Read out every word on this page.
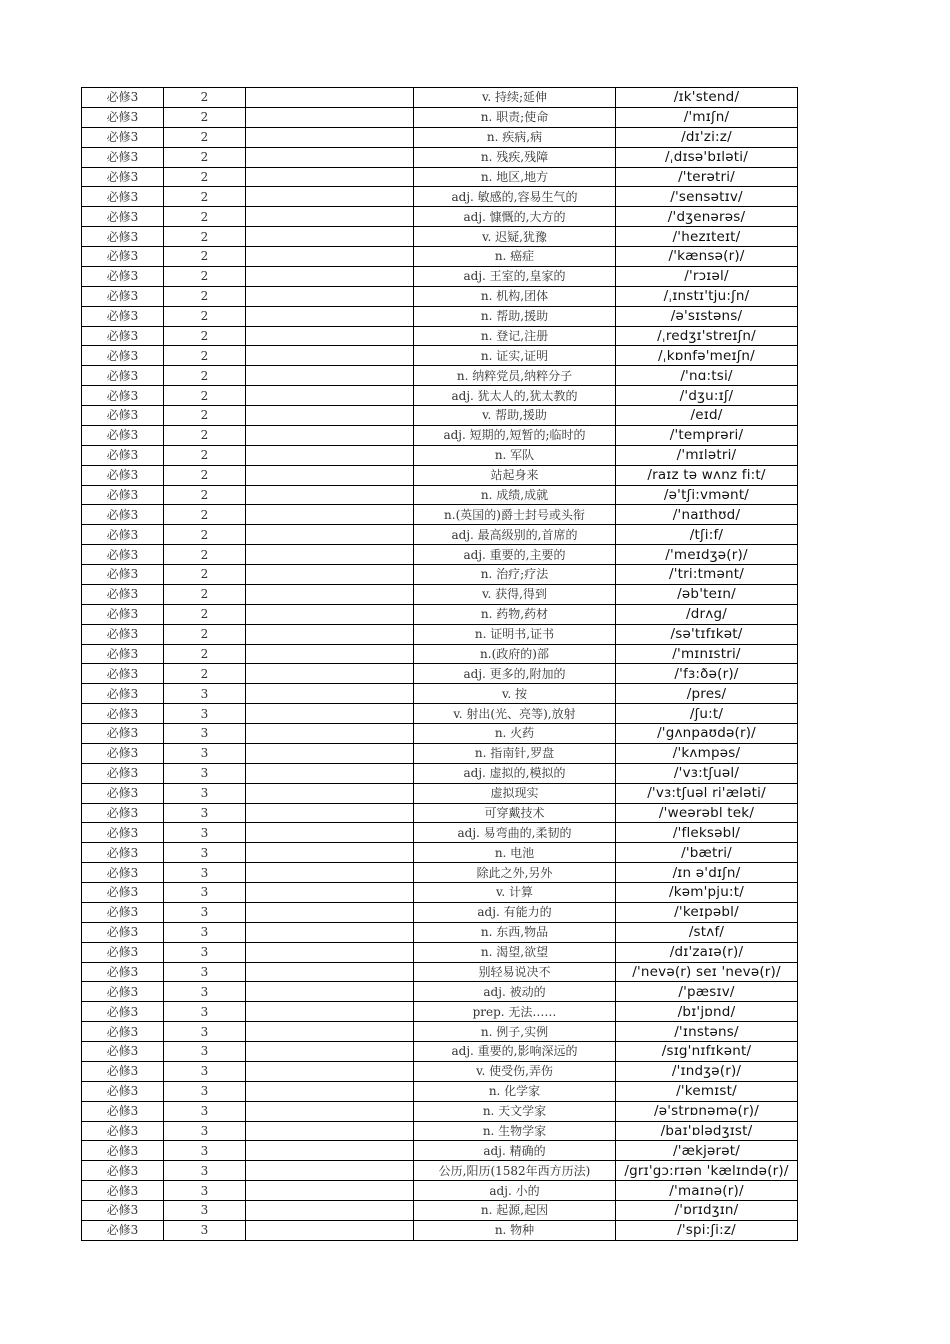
必修3	2		v. 持续;延伸	/ɪk'stend/
必修3	2		n. 职责;使命	/'mɪʃn/
必修3	2		n. 疾病,病	/dɪ'zi:z/
必修3	2		n. 残疾,残障	/ˌdɪsə'bɪləti/
必修3	2		n. 地区,地方	/'terətri/
必修3	2		adj. 敏感的,容易生气的	/'sensətɪv/
必修3	2		adj. 慷慨的,大方的	/'dʒenərəs/
必修3	2		v. 迟疑,犹豫	/'hezɪteɪt/
必修3	2		n. 癌症	/'kænsə(r)/
必修3	2		adj. 王室的,皇家的	/'rɔɪəl/
必修3	2		n. 机构,团体	/ˌɪnstɪ'tju:ʃn/
必修3	2		n. 帮助,援助	/ə'sɪstəns/
必修3	2		n. 登记,注册	/ˌredʒɪ'streɪʃn/
必修3	2		n. 证实,证明	/ˌkɒnfə'meɪʃn/
必修3	2		n. 纳粹党员,纳粹分子	/'nɑ:tsi/
必修3	2		adj. 犹太人的,犹太教的	/'dʒu:ɪʃ/
必修3	2		v. 帮助,援助	/eɪd/
必修3	2		adj. 短期的,短暂的;临时的	/'temprəri/
必修3	2		n. 军队	/'mɪlətri/
必修3	2		站起身来	/raɪz tə wʌnz fi:t/
必修3	2		n. 成绩,成就	/ə'tʃi:vmənt/
必修3	2		n.(英国的)爵士封号或头衔	/'naɪthʊd/
必修3	2		adj. 最高级别的,首席的	/tʃi:f/
必修3	2		adj. 重要的,主要的	/'meɪdʒə(r)/
必修3	2		n. 治疗;疗法	/'tri:tmənt/
必修3	2		v. 获得,得到	/əb'teɪn/
必修3	2		n. 药物,药材	/drʌg/
必修3	2		n. 证明书,证书	/sə'tɪfɪkət/
必修3	2		n.(政府的)部	/'mɪnɪstri/
必修3	2		adj. 更多的,附加的	/'fɜ:ðə(r)/
必修3	3		v. 按	/pres/
必修3	3		v. 射出(光、亮等),放射	/ʃu:t/
必修3	3		n. 火药	/'gʌnpaʊdə(r)/
必修3	3		n. 指南针,罗盘	/'kʌmpəs/
必修3	3		adj. 虚拟的,模拟的	/'vɜ:tʃuəl/
必修3	3		虚拟现实	/'vɜ:tʃuəl ri'æləti/
必修3	3		可穿戴技术	/'weərəbl tek/
必修3	3		adj. 易弯曲的,柔韧的	/'fleksəbl/
必修3	3		n. 电池	/'bætri/
必修3	3		除此之外,另外	/ɪn ə'dɪʃn/
必修3	3		v. 计算	/kəm'pju:t/
必修3	3		adj. 有能力的	/'keɪpəbl/
必修3	3		n. 东西,物品	/stʌf/
必修3	3		n. 渴望,欲望	/dɪ'zaɪə(r)/
必修3	3		别轻易说决不	/'nevə(r) seɪ 'nevə(r)/
必修3	3		adj. 被动的	/'pæsɪv/
必修3	3		prep. 无法……	/bɪ'jɒnd/
必修3	3		n. 例子,实例	/'ɪnstəns/
必修3	3		adj. 重要的,影响深远的	/sɪg'nɪfɪkənt/
必修3	3		v. 使受伤,弄伤	/'ɪndʒə(r)/
必修3	3		n. 化学家	/'kemɪst/
必修3	3		n. 天文学家	/ə'strɒnəmə(r)/
必修3	3		n. 生物学家	/baɪ'ɒlədʒɪst/
必修3	3		adj. 精确的	/'ækjərət/
必修3	3		公历,阳历(1582年西方历法)	/grɪ'gɔ:rɪən 'kælɪndə(r)/
必修3	3		adj. 小的	/'maɪnə(r)/
必修3	3		n. 起源,起因	/'ɒrɪdʒɪn/
必修3	3		n. 物种	/'spi:ʃi:z/
